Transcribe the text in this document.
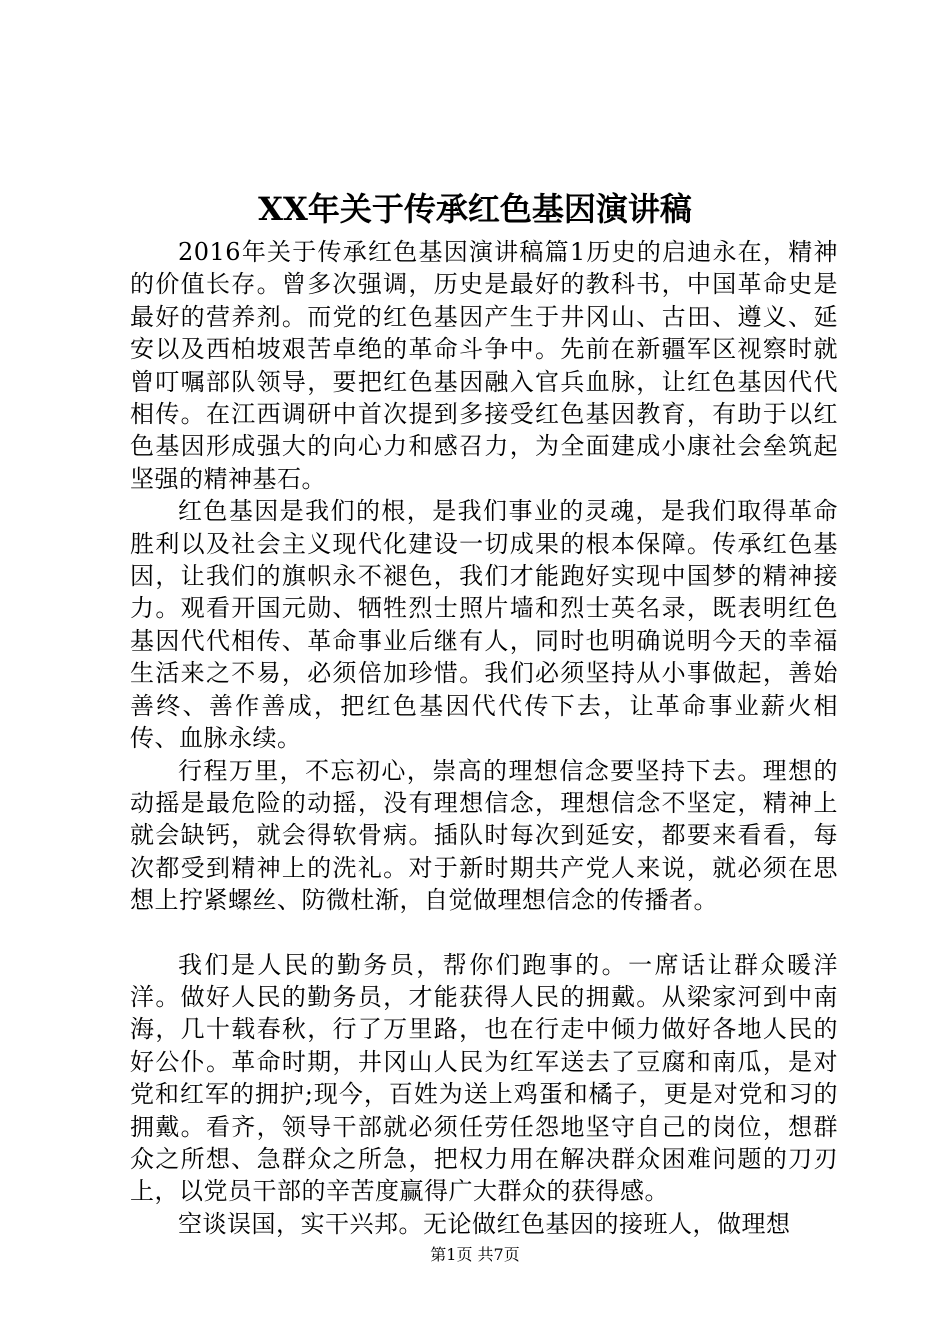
XX年关于传承红色基因演讲稿

2016年关于传承红色基因演讲稿篇1历史的启迪永在，精神的价值长存。曾多次强调，历史是最好的教科书，中国革命史是最好的营养剂。而党的红色基因产生于井冈山、古田、遵义、延安以及西柏坡艰苦卓绝的革命斗争中。先前在新疆军区视察时就曾叮嘱部队领导，要把红色基因融入官兵血脉，让红色基因代代相传。在江西调研中首次提到多接受红色基因教育，有助于以红色基因形成强大的向心力和感召力，为全面建成小康社会垒筑起坚强的精神基石。

红色基因是我们的根，是我们事业的灵魂，是我们取得革命胜利以及社会主义现代化建设一切成果的根本保障。传承红色基因，让我们的旗帜永不褪色，我们才能跑好实现中国梦的精神接力。观看开国元勋、牺牲烈士照片墙和烈士英名录，既表明红色基因代代相传、革命事业后继有人，同时也明确说明今天的幸福生活来之不易，必须倍加珍惜。我们必须坚持从小事做起，善始善终、善作善成，把红色基因代代传下去，让革命事业薪火相传、血脉永续。

行程万里，不忘初心，崇高的理想信念要坚持下去。理想的动摇是最危险的动摇，没有理想信念，理想信念不坚定，精神上就会缺钙，就会得软骨病。插队时每次到延安，都要来看看，每次都受到精神上的洗礼。对于新时期共产党人来说，就必须在思想上拧紧螺丝、防微杜渐，自觉做理想信念的传播者。

我们是人民的勤务员，帮你们跑事的。一席话让群众暖洋洋。做好人民的勤务员，才能获得人民的拥戴。从梁家河到中南海，几十载春秋，行了万里路，也在行走中倾力做好各地人民的好公仆。革命时期，井冈山人民为红军送去了豆腐和南瓜，是对党和红军的拥护;现今，百姓为送上鸡蛋和橘子，更是对党和习的拥戴。看齐，领导干部就必须任劳任怨地坚守自己的岗位，想群众之所想、急群众之所急，把权力用在解决群众困难问题的刀刃上，以党员干部的辛苦度赢得广大群众的获得感。

空谈误国，实干兴邦。无论做红色基因的接班人，做理想

第1页 共7页
